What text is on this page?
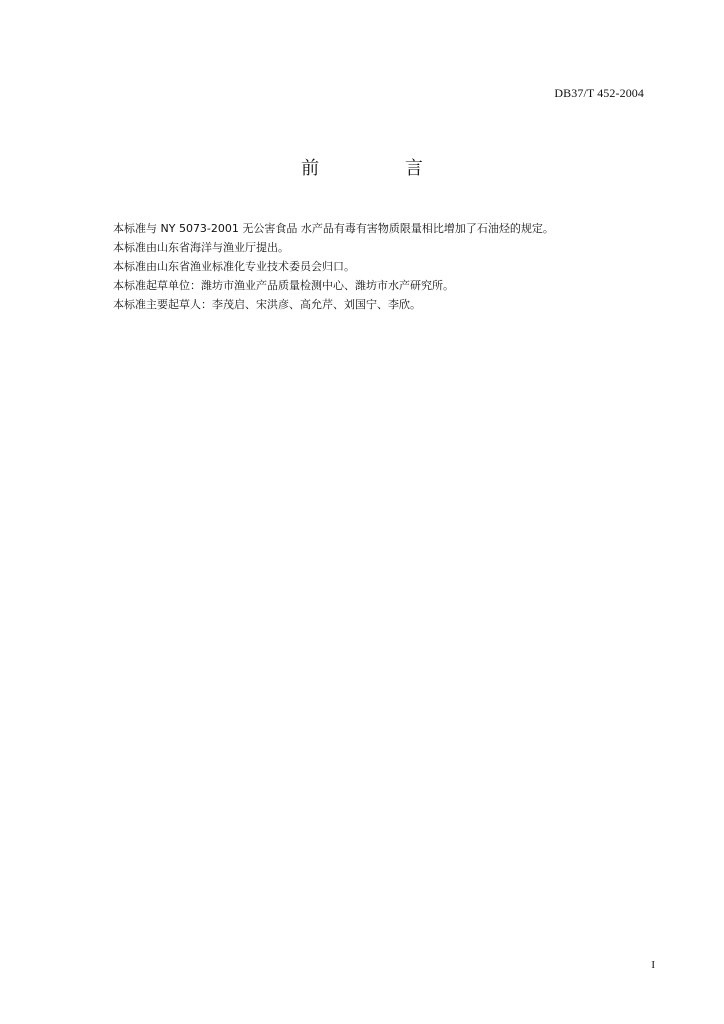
DB37/T 452-2004
前 言

本标准与 NY 5073-2001 无公害食品 水产品有毒有害物质限量相比增加了石油烃的规定。

本标准由山东省海洋与渔业厅提出。

本标准由山东省渔业标准化专业技术委员会归口。

本标准起草单位：潍坊市渔业产品质量检测中心、潍坊市水产研究所。

本标准主要起草人：李茂启、宋洪彦、高允芹、刘国宁、李欣。

I
